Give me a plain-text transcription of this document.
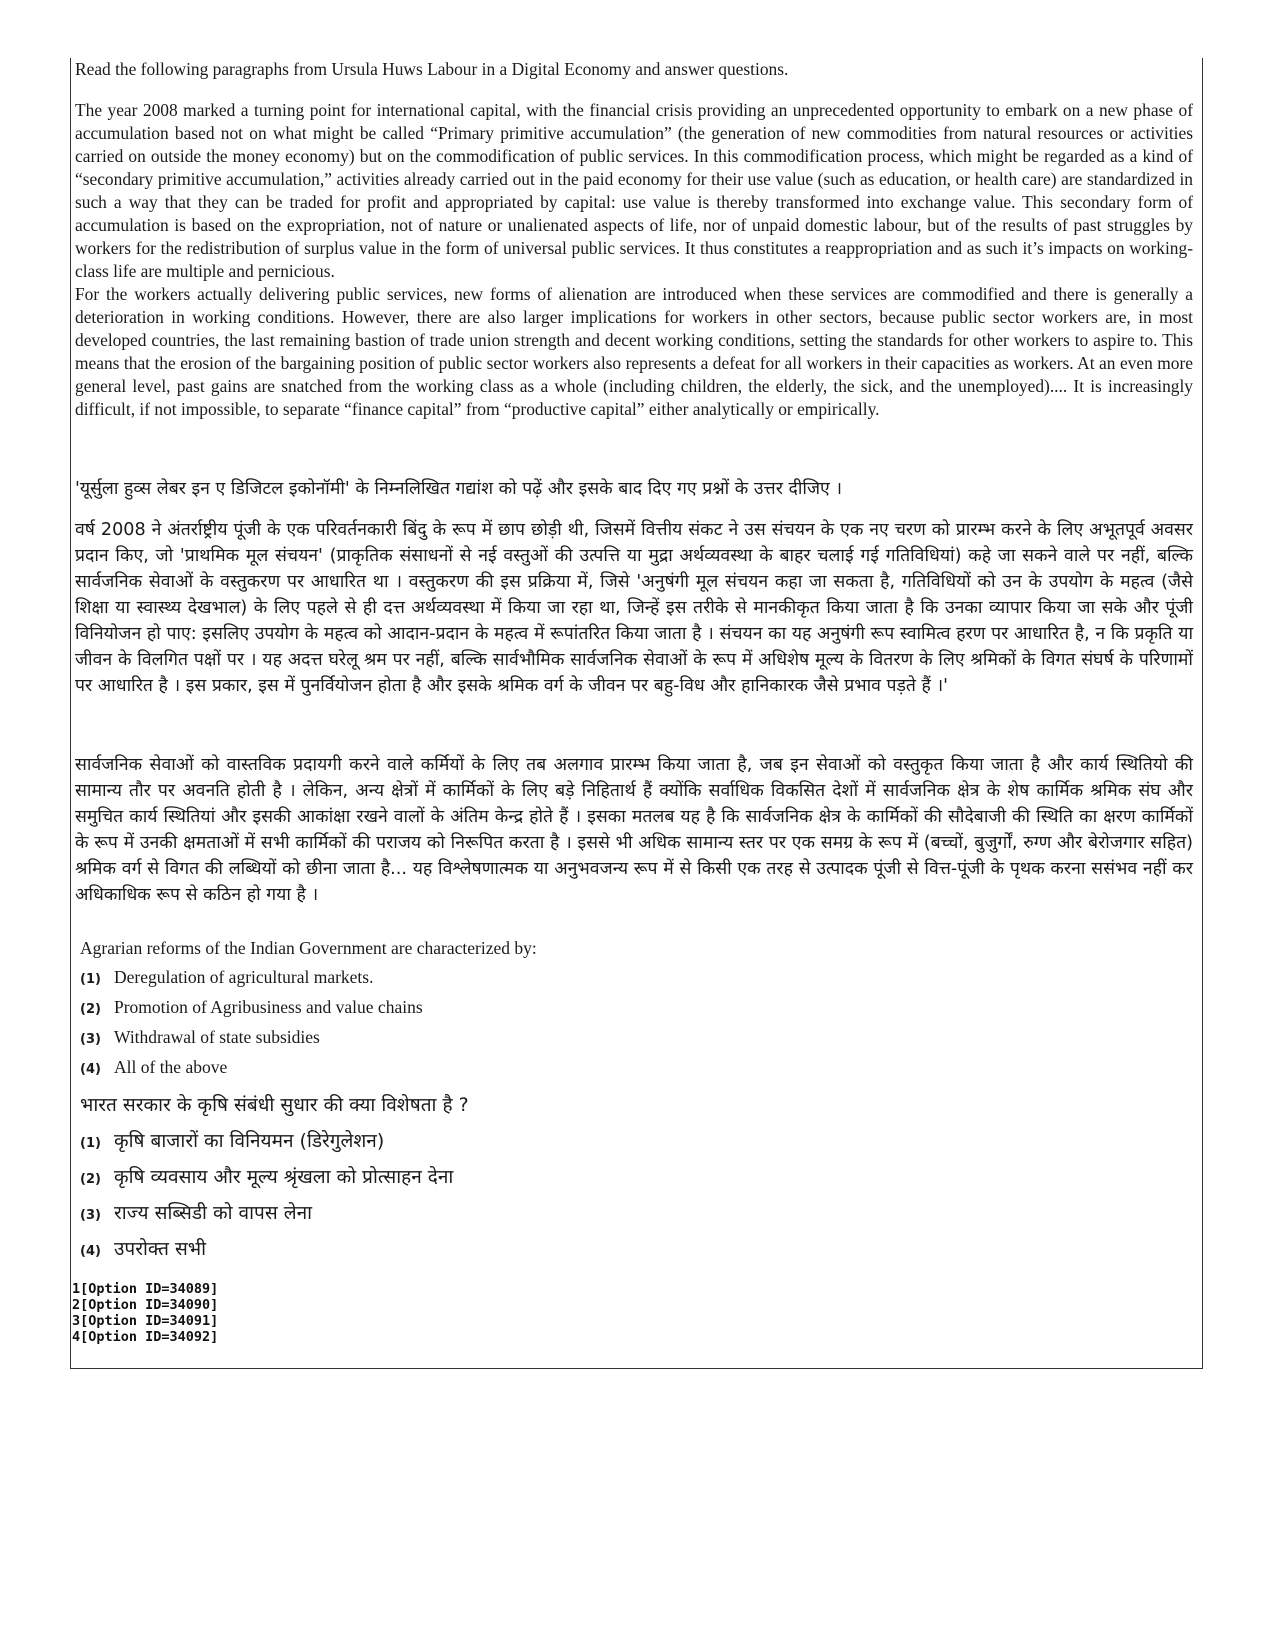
Read the following paragraphs from Ursula Huws Labour in a Digital Economy and answer questions.

The year 2008 marked a turning point for international capital, with the financial crisis providing an unprecedented opportunity to embark on a new phase of accumulation based not on what might be called “Primary primitive accumulation” (the generation of new commodities from natural resources or activities carried on outside the money economy) but on the commodification of public services. In this commodification process, which might be regarded as a kind of “secondary primitive accumulation,” activities already carried out in the paid economy for their use value (such as education, or health care) are standardized in such a way that they can be traded for profit and appropriated by capital: use value is thereby transformed into exchange value. This secondary form of accumulation is based on the expropriation, not of nature or unalienated aspects of life, nor of unpaid domestic labour, but of the results of past struggles by workers for the redistribution of surplus value in the form of universal public services. It thus constitutes a reappropriation and as such it’s impacts on working-class life are multiple and pernicious.

For the workers actually delivering public services, new forms of alienation are introduced when these services are commodified and there is generally a deterioration in working conditions. However, there are also larger implications for workers in other sectors, because public sector workers are, in most developed countries, the last remaining bastion of trade union strength and decent working conditions, setting the standards for other workers to aspire to. This means that the erosion of the bargaining position of public sector workers also represents a defeat for all workers in their capacities as workers. At an even more general level, past gains are snatched from the working class as a whole (including children, the elderly, the sick, and the unemployed).... It is increasingly difficult, if not impossible, to separate “finance capital” from “productive capital” either analytically or empirically.

'यूर्सुला हुव्स लेबर इन ए डिजिटल इकोनॉमी' के निम्नलिखित गद्यांश को पढ़ें और इसके बाद दिए गए प्रश्नों के उत्तर दीजिए ।

वर्ष 2008 ने अंतर्राष्ट्रीय पूंजी के एक परिवर्तनकारी बिंदु के रूप में छाप छोड़ी थी, जिसमें वित्तीय संकट ने उस संचयन के एक नए चरण को प्रारम्भ करने के लिए अभूतपूर्व अवसर प्रदान किए, जो 'प्राथमिक मूल संचयन' (प्राकृतिक संसाधनों से नई वस्तुओं की उत्पत्ति या मुद्रा अर्थव्यवस्था के बाहर चलाई गई गतिविधियां) कहे जा सकने वाले पर नहीं, बल्कि सार्वजनिक सेवाओं के वस्तुकरण पर आधारित था । वस्तुकरण की इस प्रक्रिया में, जिसे 'अनुषंगी मूल संचयन कहा जा सकता है, गतिविधियों को उन के उपयोग के महत्व (जैसे शिक्षा या स्वास्थ्य देखभाल) के लिए पहले से ही दत्त अर्थव्यवस्था में किया जा रहा था, जिन्हें इस तरीके से मानकीकृत किया जाता है कि उनका व्यापार किया जा सके और पूंजी विनियोजन हो पाए: इसलिए उपयोग के महत्व को आदान-प्रदान के महत्व में रूपांतरित किया जाता है । संचयन का यह अनुषंगी रूप स्वामित्व हरण पर आधारित है, न कि प्रकृति या जीवन के विलगित पक्षों पर । यह अदत्त घरेलू श्रम पर नहीं, बल्कि सार्वभौमिक सार्वजनिक सेवाओं के रूप में अधिशेष मूल्य के वितरण के लिए श्रमिकों के विगत संघर्ष के परिणामों पर आधारित है । इस प्रकार, इस में पुनर्वियोजन होता है और इसके श्रमिक वर्ग के जीवन पर बहु-विध और हानिकारक जैसे प्रभाव पड़ते हैं ।'

सार्वजनिक सेवाओं को वास्तविक प्रदायगी करने वाले कर्मियों के लिए तब अलगाव प्रारम्भ किया जाता है, जब इन सेवाओं को वस्तुकृत किया जाता है और कार्य स्थितियो की सामान्य तौर पर अवनति होती है । लेकिन, अन्य क्षेत्रों में कार्मिकों के लिए बड़े निहितार्थ हैं क्योंकि सर्वाधिक विकसित देशों में सार्वजनिक क्षेत्र के शेष कार्मिक श्रमिक संघ और समुचित कार्य स्थितियां और इसकी आकांक्षा रखने वालों के अंतिम केन्द्र होते हैं । इसका मतलब यह है कि सार्वजनिक क्षेत्र के कार्मिकों की सौदेबाजी की स्थिति का क्षरण कार्मिकों के रूप में उनकी क्षमताओं में सभी कार्मिकों की पराजय को निरूपित करता है । इससे भी अधिक सामान्य स्तर पर एक समग्र के रूप में (बच्चों, बुजुर्गों, रुग्ण और बेरोजगार सहित) श्रमिक वर्ग से विगत की लब्धियों को छीना जाता है... यह विश्लेषणात्मक या अनुभवजन्य रूप में से किसी एक तरह से उत्पादक पूंजी से वित्त-पूंजी के पृथक करना ससंभव नहीं कर अधिकाधिक रूप से कठिन हो गया है ।

Agrarian reforms of the Indian Government are characterized by:

(1) Deregulation of agricultural markets.
(2) Promotion of Agribusiness and value chains
(3) Withdrawal of state subsidies
(4) All of the above

भारत सरकार के कृषि संबंधी सुधार की क्या विशेषता है ?

(1) कृषि बाजारों का विनियमन (डिरेगुलेशन)
(2) कृषि व्यवसाय और मूल्य श्रृंखला को प्रोत्साहन देना
(3) राज्य सब्सिडी को वापस लेना
(4) उपरोक्त सभी
1[Option ID=34089]
2[Option ID=34090]
3[Option ID=34091]
4[Option ID=34092]
